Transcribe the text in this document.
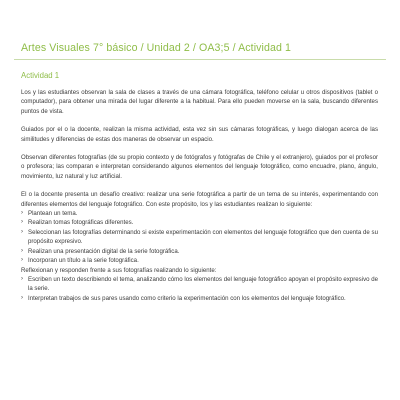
Artes Visuales 7° básico / Unidad 2 / OA3;5 / Actividad 1
Actividad 1

Los y las estudiantes observan la sala de clases a través de una cámara fotográfica, teléfono celular u otros dispositivos (tablet o computador), para obtener una mirada del lugar diferente a la habitual. Para ello pueden moverse en la sala, buscando diferentes puntos de vista.

Guiados por el o la docente, realizan la misma actividad, esta vez sin sus cámaras fotográficas, y luego dialogan acerca de las similitudes y diferencias de estas dos maneras de observar un espacio.

Observan diferentes fotografías (de su propio contexto y de fotógrafos y fotógrafas de Chile y el extranjero), guiados por el profesor o profesora; las comparan e interpretan considerando algunos elementos del lenguaje fotográfico, como encuadre, plano, ángulo, movimiento, luz natural y luz artificial.

El o la docente presenta un desafío creativo: realizar una serie fotográfica a partir de un tema de su interés, experimentando con diferentes elementos del lenguaje fotográfico. Con este propósito, los y las estudiantes realizan lo siguiente:

› Plantean un tema.
› Realizan tomas fotográficas diferentes.
› Seleccionan las fotografías determinando si existe experimentación con elementos del lenguaje fotográfico que den cuenta de su propósito expresivo.
› Realizan una presentación digital de la serie fotográfica.
› Incorporan un título a la serie fotográfica.

Reflexionan y responden frente a sus fotografías realizando lo siguiente:

› Escriben un texto describiendo el tema, analizando cómo los elementos del lenguaje fotográfico apoyan el propósito expresivo de la serie.
› Interpretan trabajos de sus pares usando como criterio la experimentación con los elementos del lenguaje fotográfico.
